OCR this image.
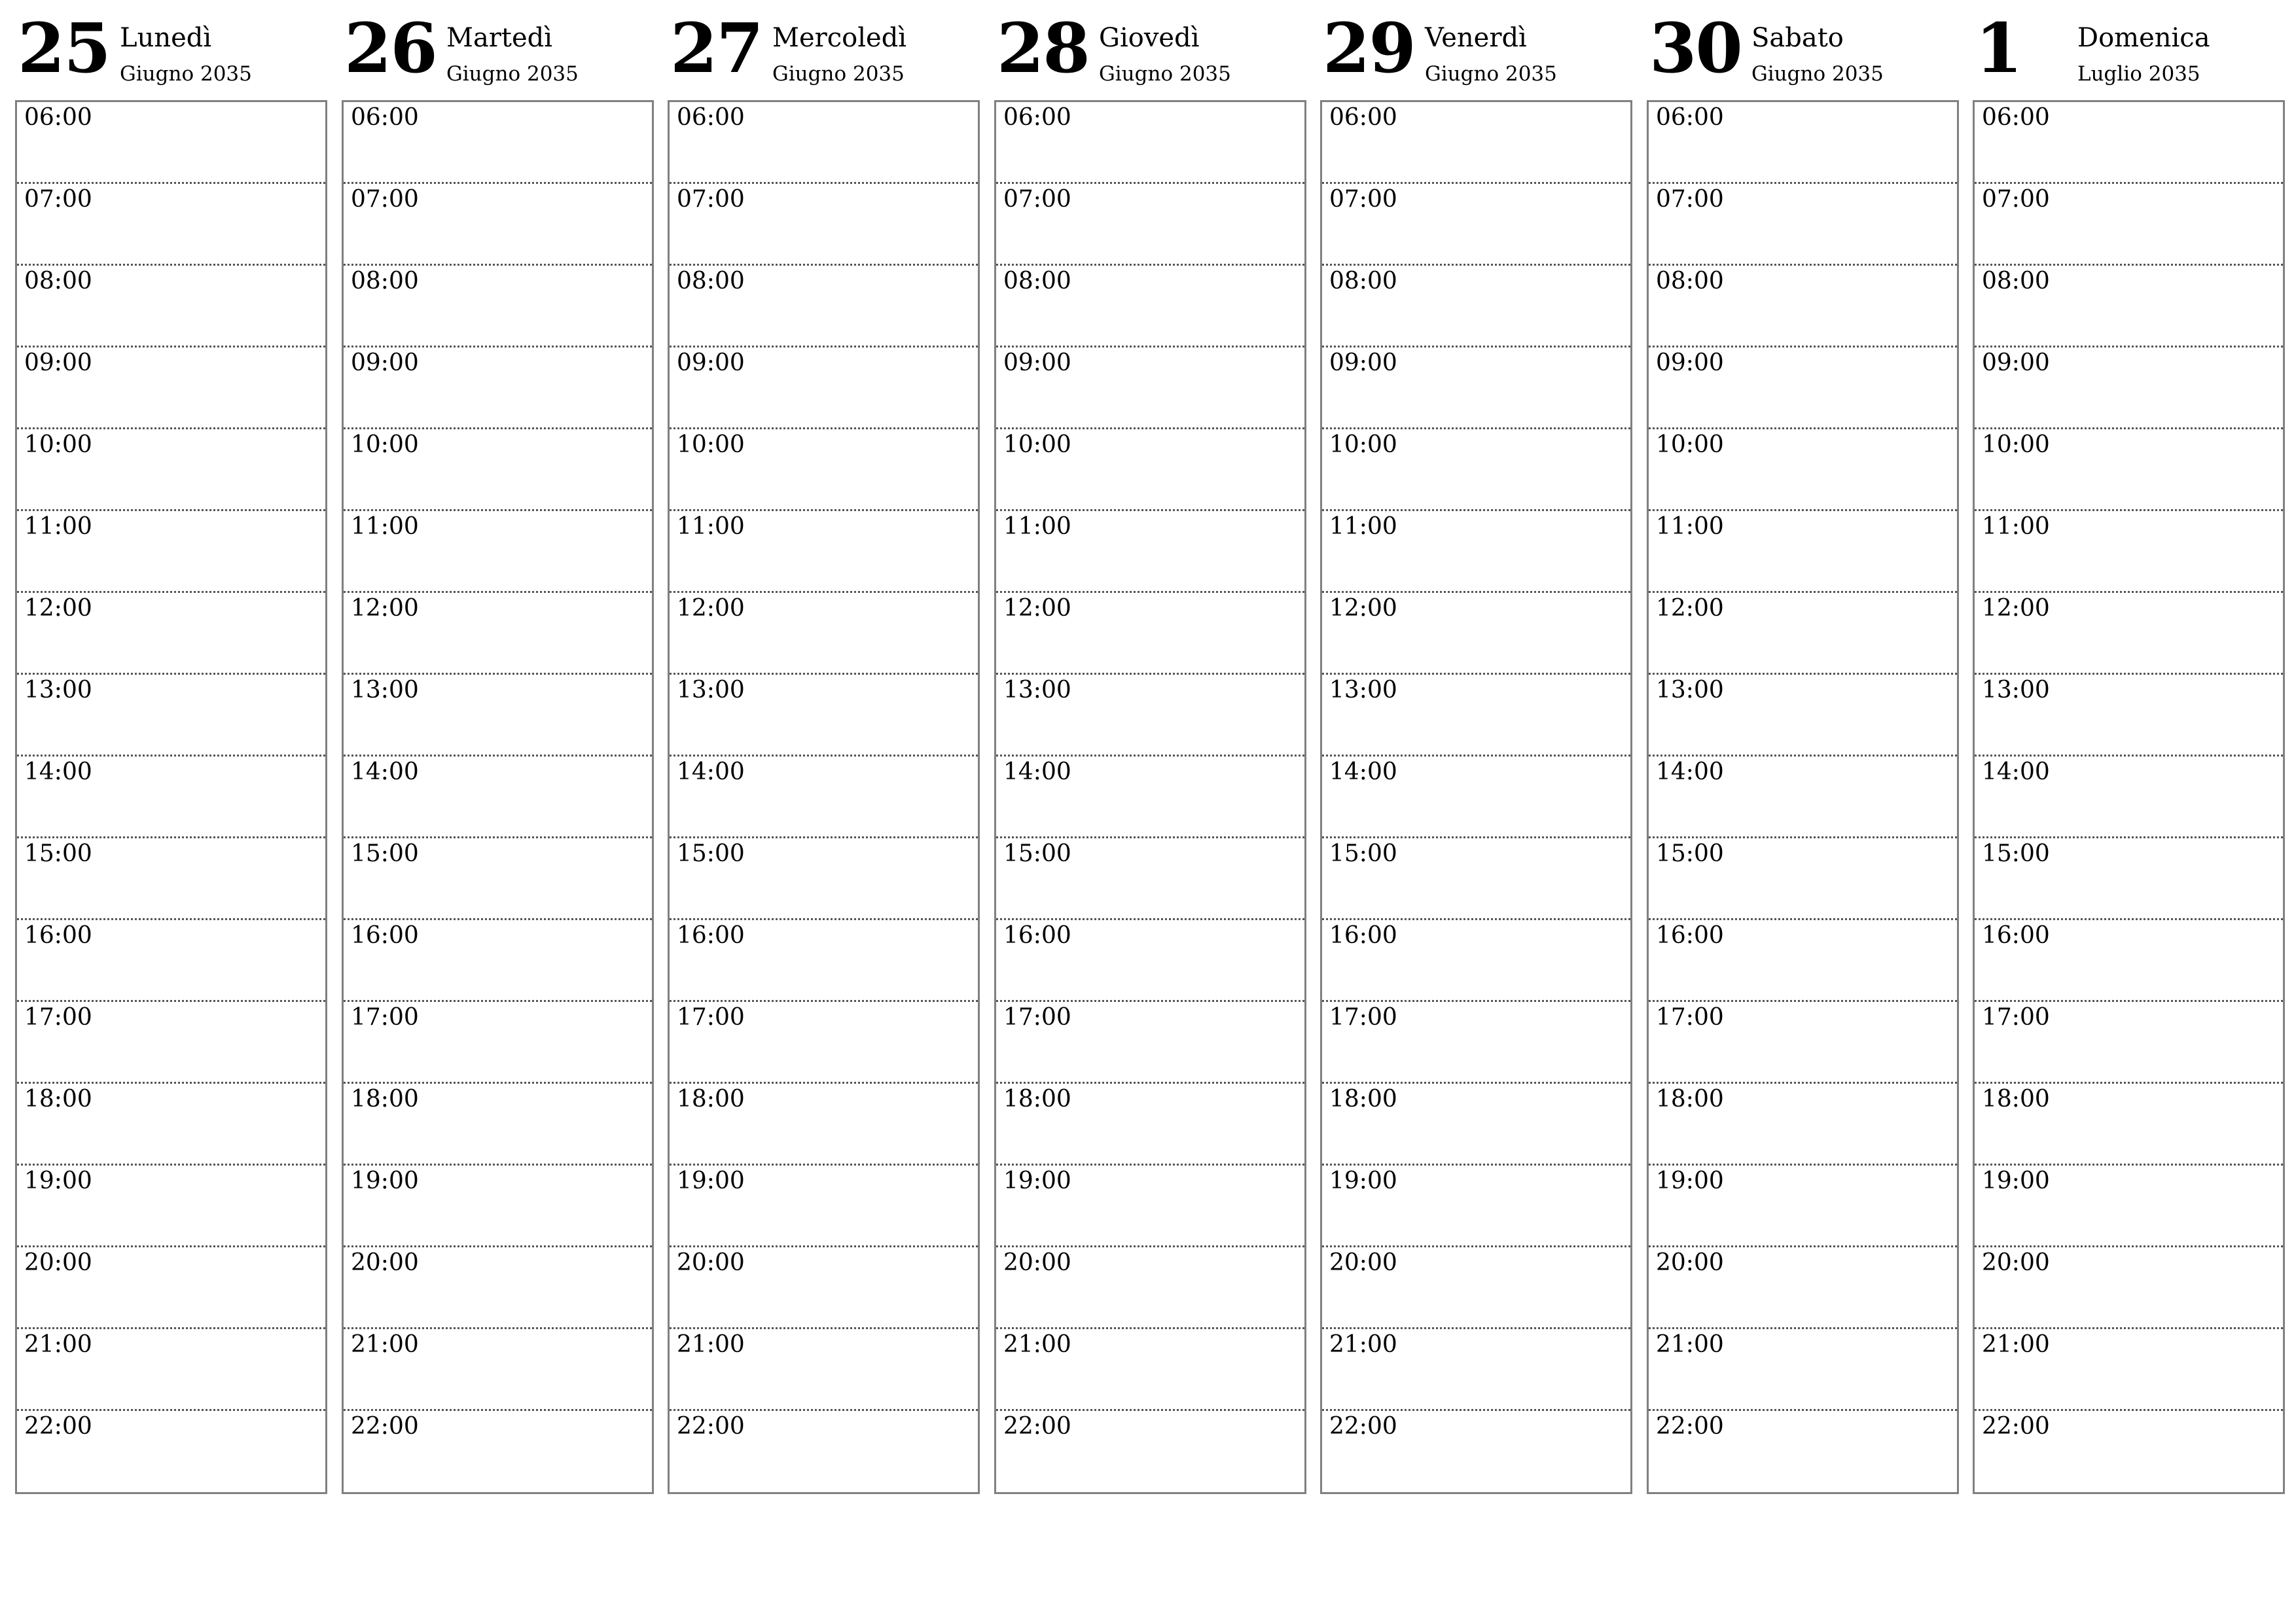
25 Lunedì
Giugno 2035
06:00
07:00
08:00
09:00
10:00
11:00
12:00
13:00
14:00
15:00
16:00
17:00
18:00
19:00
20:00
21:00
22:00
26 Martedì
Giugno 2035
06:00
07:00
08:00
09:00
10:00
11:00
12:00
13:00
14:00
15:00
16:00
17:00
18:00
19:00
20:00
21:00
22:00
27 Mercoledì
Giugno 2035
06:00
07:00
08:00
09:00
10:00
11:00
12:00
13:00
14:00
15:00
16:00
17:00
18:00
19:00
20:00
21:00
22:00
28 Giovedì
Giugno 2035
06:00
07:00
08:00
09:00
10:00
11:00
12:00
13:00
14:00
15:00
16:00
17:00
18:00
19:00
20:00
21:00
22:00
29 Venerdì
Giugno 2035
06:00
07:00
08:00
09:00
10:00
11:00
12:00
13:00
14:00
15:00
16:00
17:00
18:00
19:00
20:00
21:00
22:00
30 Sabato
Giugno 2035
06:00
07:00
08:00
09:00
10:00
11:00
12:00
13:00
14:00
15:00
16:00
17:00
18:00
19:00
20:00
21:00
22:00
1 Domenica
Luglio 2035
06:00
07:00
08:00
09:00
10:00
11:00
12:00
13:00
14:00
15:00
16:00
17:00
18:00
19:00
20:00
21:00
22:00
